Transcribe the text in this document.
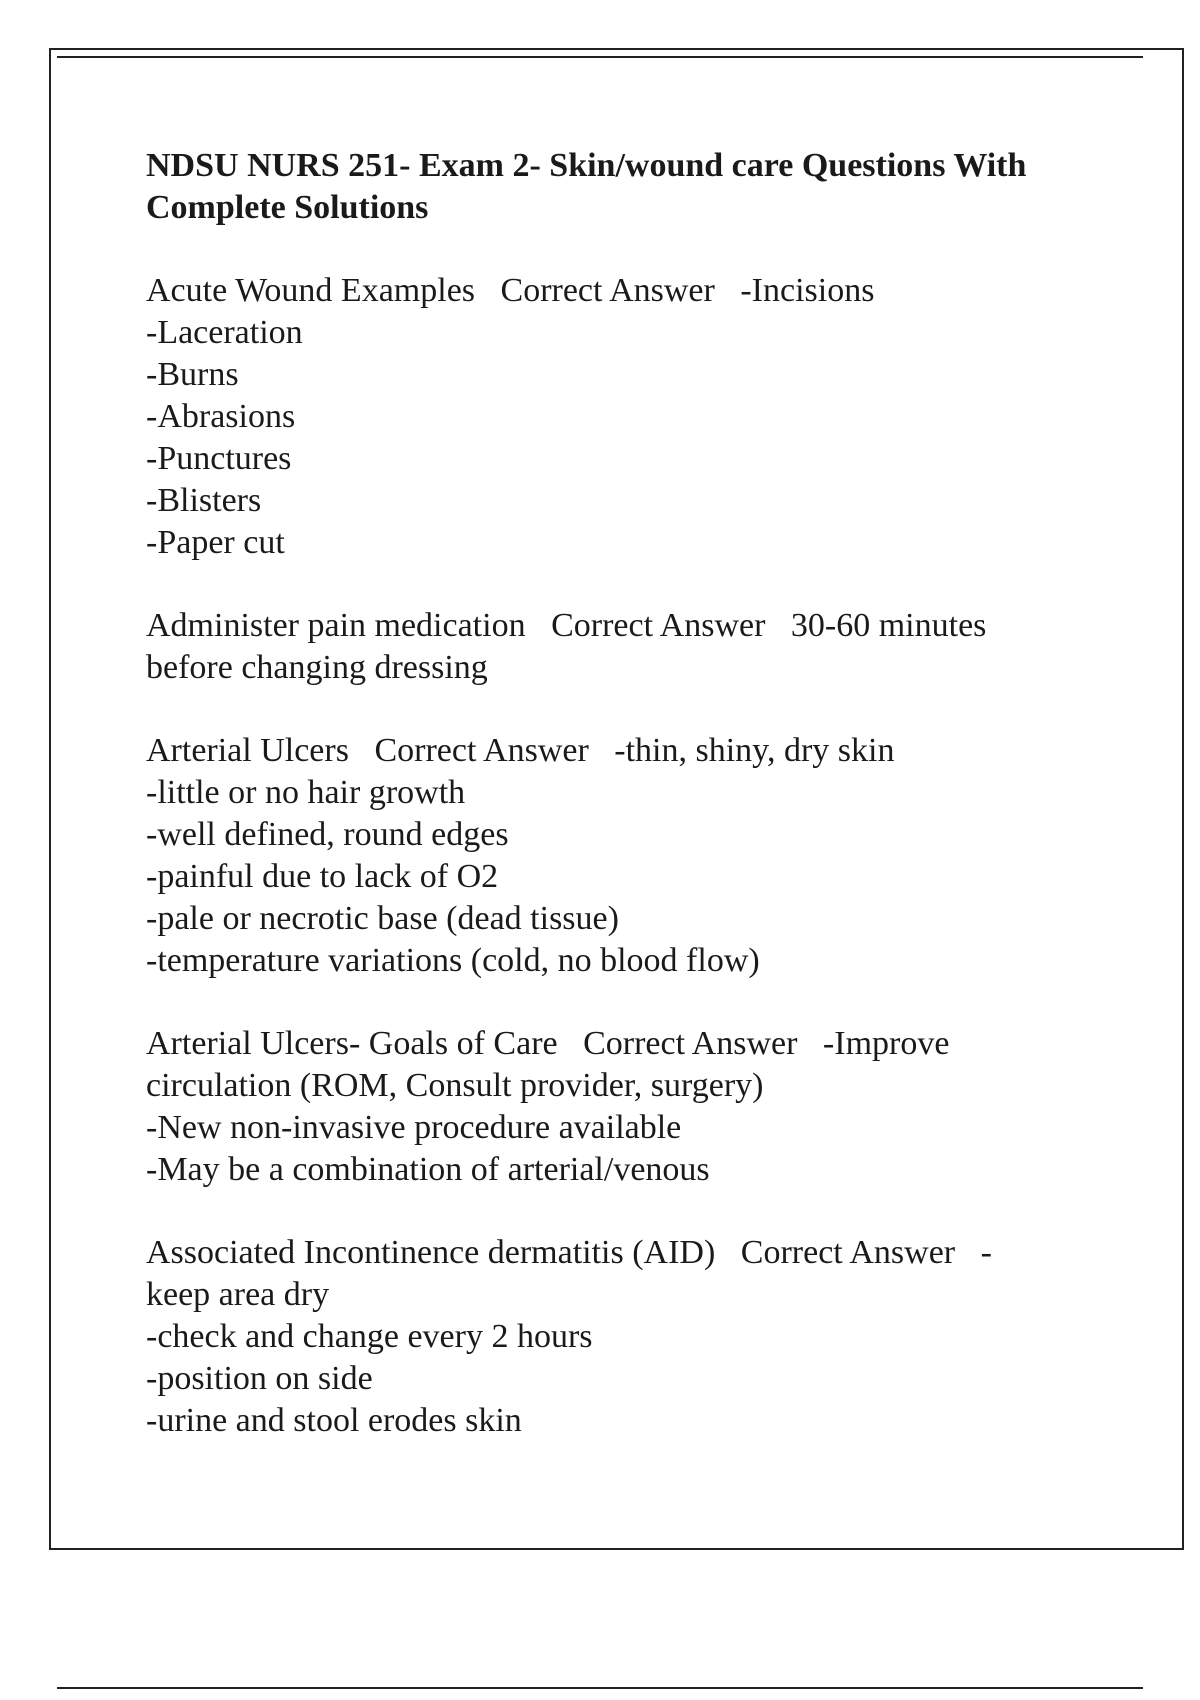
NDSU NURS 251- Exam 2- Skin/wound care Questions With
Complete Solutions

Acute Wound Examples   Correct Answer   -Incisions

-Laceration

-Burns

-Abrasions

-Punctures

-Blisters

-Paper cut

Administer pain medication   Correct Answer   30-60 minutes

before changing dressing

Arterial Ulcers   Correct Answer   -thin, shiny, dry skin

-little or no hair growth

-well defined, round edges

-painful due to lack of O2

-pale or necrotic base (dead tissue)

-temperature variations (cold, no blood flow)

Arterial Ulcers- Goals of Care   Correct Answer   -Improve

circulation (ROM, Consult provider, surgery)

-New non-invasive procedure available

-May be a combination of arterial/venous

Associated Incontinence dermatitis (AID)   Correct Answer   -

keep area dry

-check and change every 2 hours

-position on side

-urine and stool erodes skin
